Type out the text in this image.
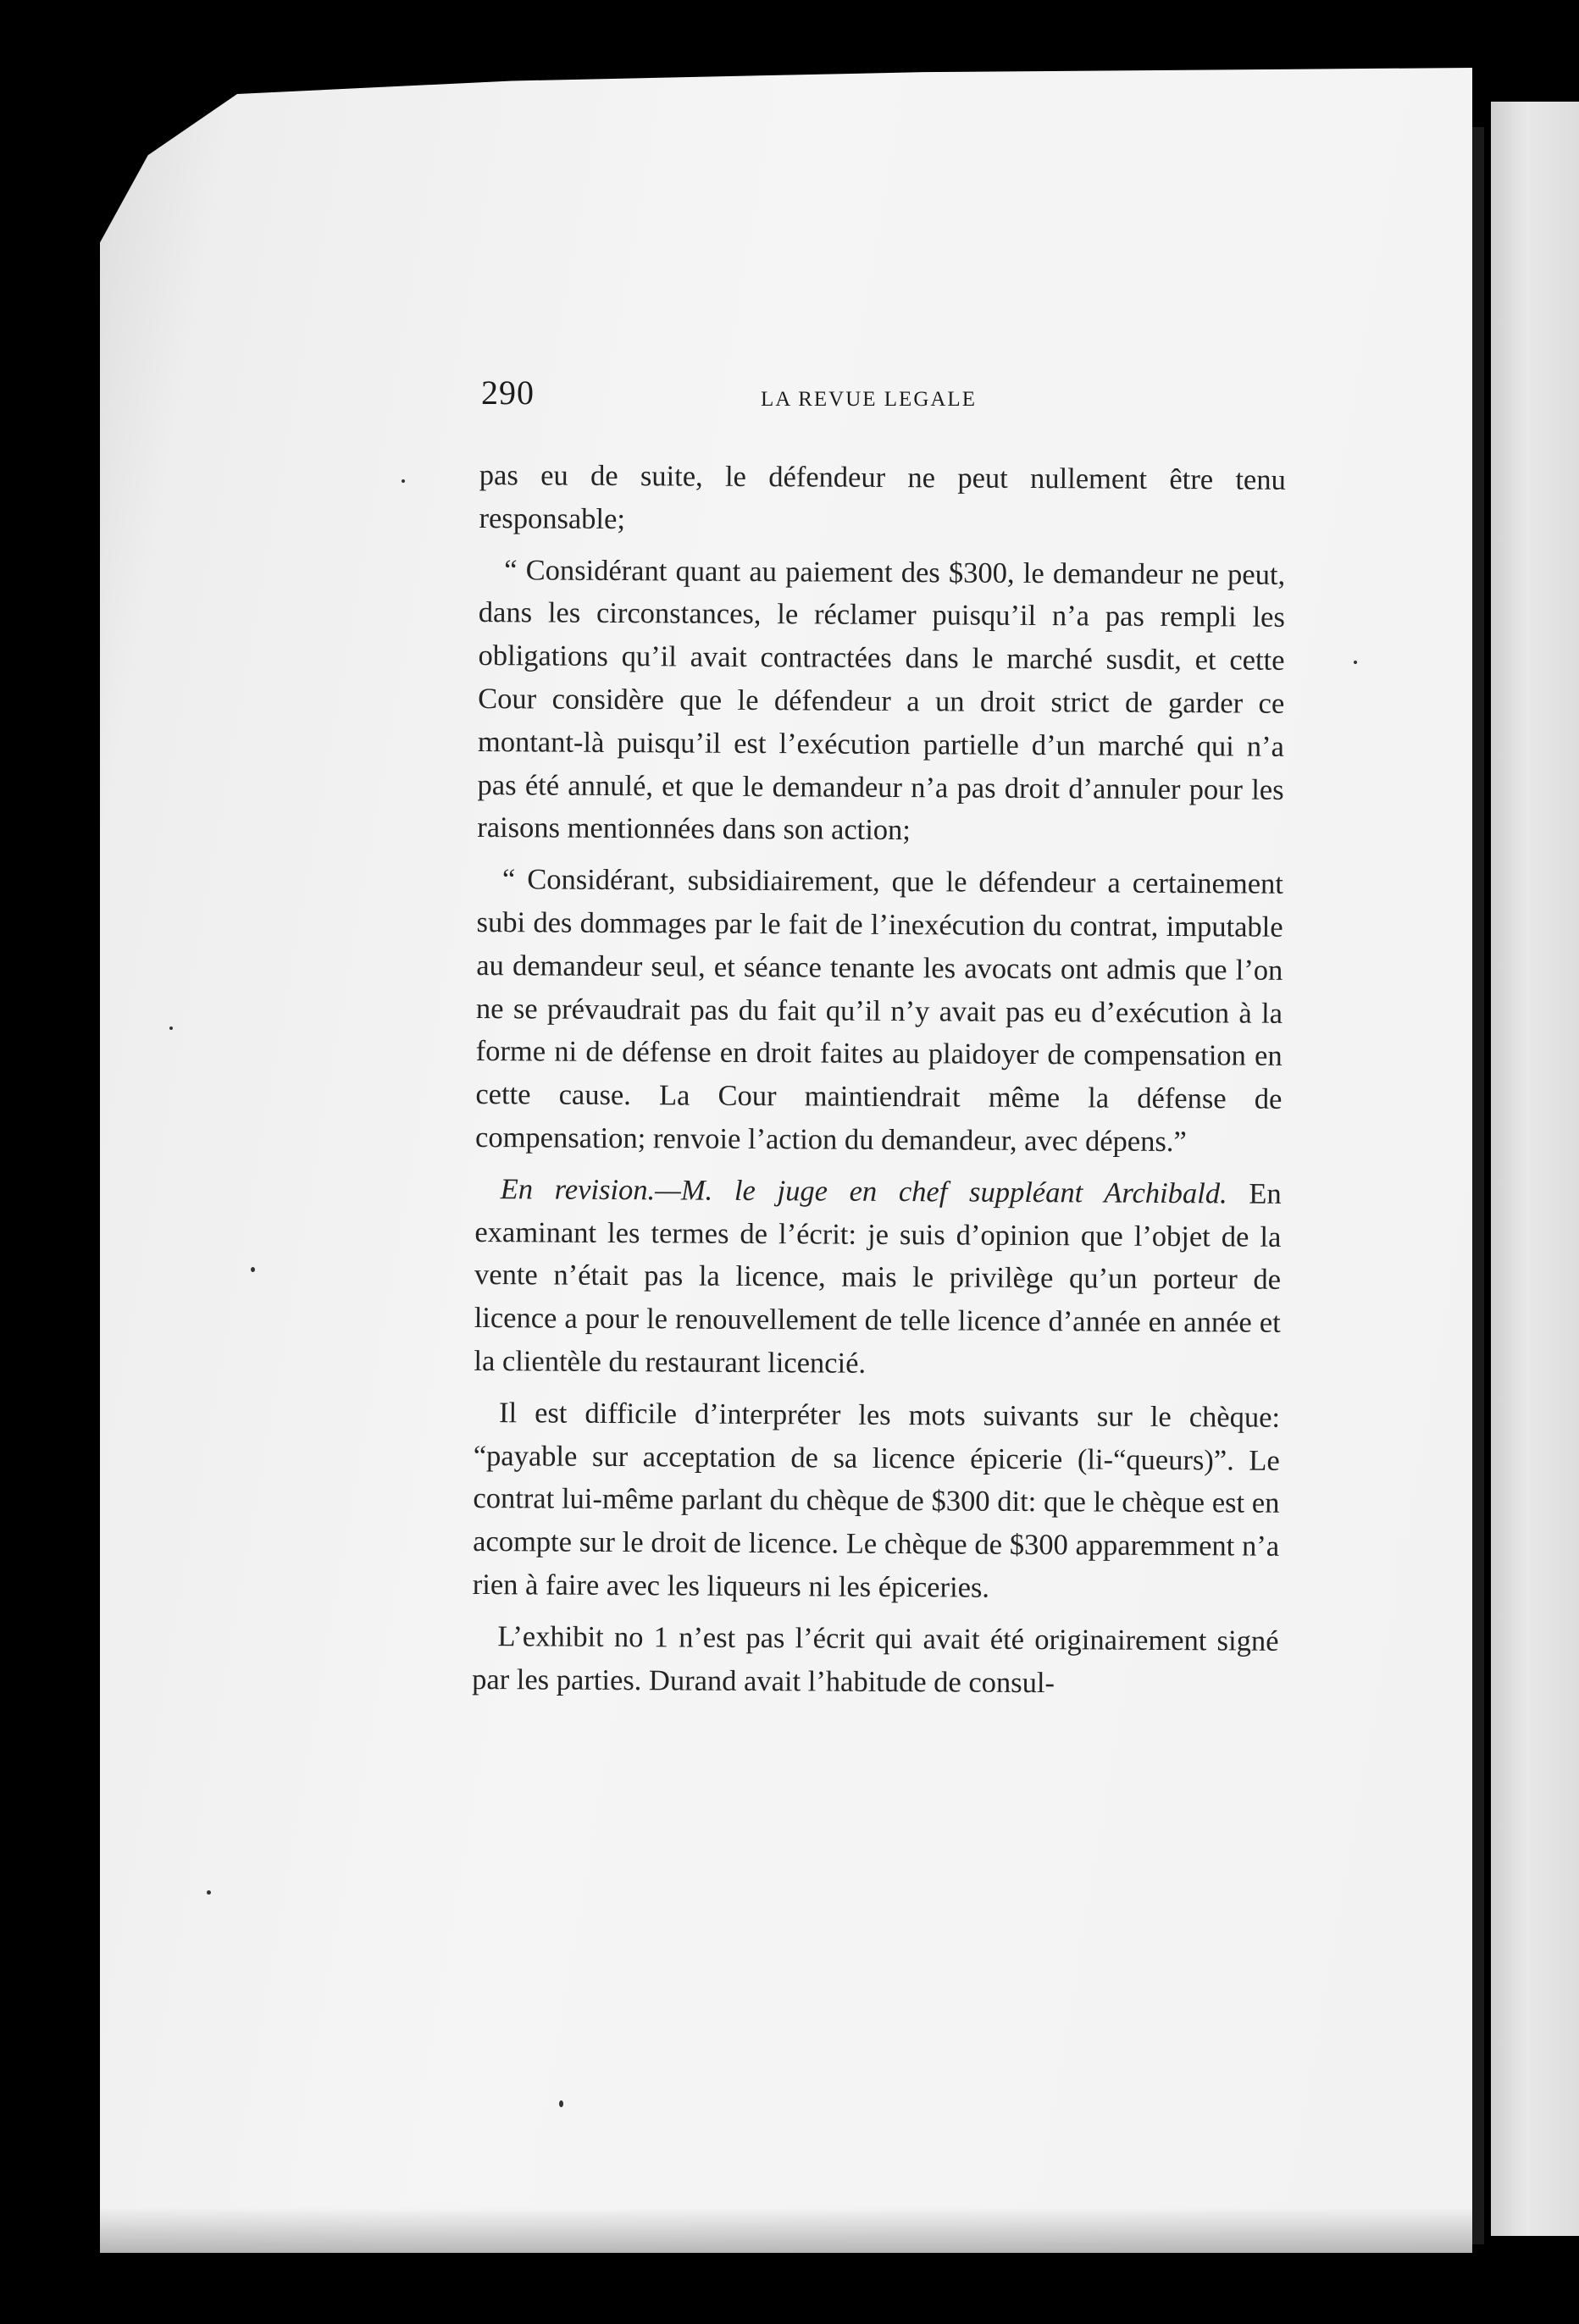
290	LA REVUE LEGALE

pas eu de suite, le défendeur ne peut nullement être tenu responsable;

“ Considérant quant au paiement des $300, le demandeur ne peut, dans les circonstances, le réclamer puisqu’il n’a pas rempli les obligations qu’il avait contractées dans le marché susdit, et cette Cour considère que le défendeur a un droit strict de garder ce montant-là puisqu’il est l’exécution partielle d’un marché qui n’a pas été annulé, et que le demandeur n’a pas droit d’annuler pour les raisons mentionnées dans son action;

“ Considérant, subsidiairement, que le défendeur a certainement subi des dommages par le fait de l’inexécution du contrat, imputable au demandeur seul, et séance tenante les avocats ont admis que l’on ne se prévaudrait pas du fait qu’il n’y avait pas eu d’exécution à la forme ni de défense en droit faites au plaidoyer de compensation en cette cause. La Cour maintiendrait même la défense de compensation; renvoie l’action du demandeur, avec dépens.”

En revision.—M. le juge en chef suppléant Archibald. En examinant les termes de l’écrit: je suis d’opinion que l’objet de la vente n’était pas la licence, mais le privilège qu’un porteur de licence a pour le renouvellement de telle licence d’année en année et la clientèle du restaurant licencié.

Il est difficile d’interpréter les mots suivants sur le chèque: “payable sur acceptation de sa licence épicerie (li-“queurs)”. Le contrat lui-même parlant du chèque de $300 dit: que le chèque est en acompte sur le droit de licence. Le chèque de $300 apparemment n’a rien à faire avec les liqueurs ni les épiceries.

L’exhibit no 1 n’est pas l’écrit qui avait été originairement signé par les parties. Durand avait l’habitude de consul-
